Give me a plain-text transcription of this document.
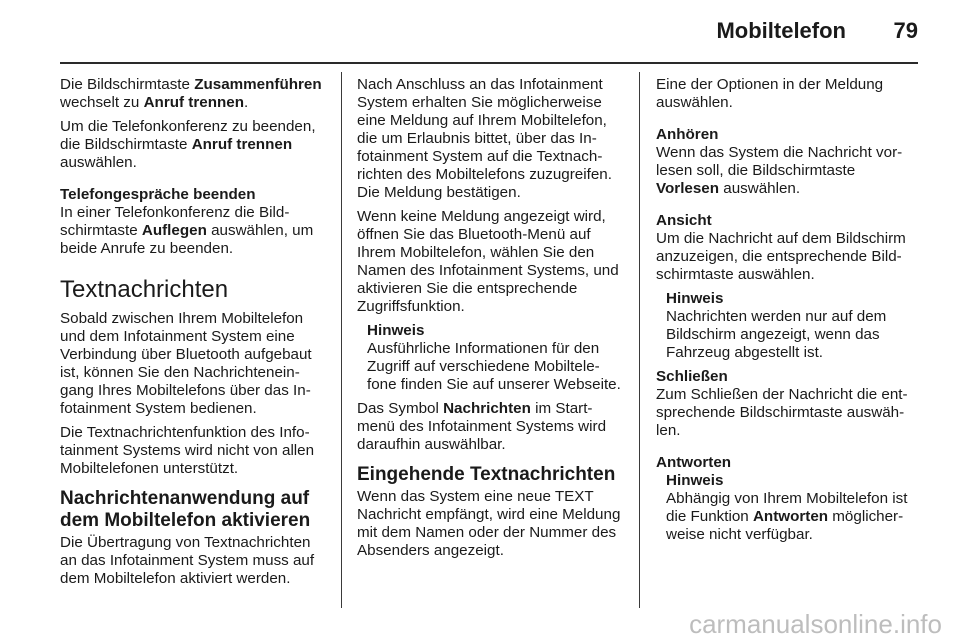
Mobiltelefon 79

Die Bildschirmtaste Zusammenführen wechselt zu Anruf trennen.

Um die Telefonkonferenz zu beenden, die Bildschirmtaste Anruf trennen auswählen.

Telefongespräche beenden

In einer Telefonkonferenz die Bildschirmtaste Auflegen auswählen, um beide Anrufe zu beenden.

Textnachrichten

Sobald zwischen Ihrem Mobiltelefon und dem Infotainment System eine Verbindung über Bluetooth aufgebaut ist, können Sie den Nachrichteneingang Ihres Mobiltelefons über das Infotainment System bedienen.

Die Textnachrichtenfunktion des Infotainment Systems wird nicht von allen Mobiltelefonen unterstützt.

Nachrichtenanwendung auf dem Mobiltelefon aktivieren

Die Übertragung von Textnachrichten an das Infotainment System muss auf dem Mobiltelefon aktiviert werden.

Nach Anschluss an das Infotainment System erhalten Sie möglicherweise eine Meldung auf Ihrem Mobiltelefon, die um Erlaubnis bittet, über das Infotainment System auf die Textnachrichten des Mobiltelefons zuzugreifen. Die Meldung bestätigen.

Wenn keine Meldung angezeigt wird, öffnen Sie das Bluetooth-Menü auf Ihrem Mobiltelefon, wählen Sie den Namen des Infotainment Systems, und aktivieren Sie die entsprechende Zugriffsfunktion.

Hinweis
Ausführliche Informationen für den Zugriff auf verschiedene Mobiltelefone finden Sie auf unserer Webseite.

Das Symbol Nachrichten im Startmenü des Infotainment Systems wird daraufhin auswählbar.

Eingehende Textnachrichten

Wenn das System eine neue TEXT Nachricht empfängt, wird eine Meldung mit dem Namen oder der Nummer des Absenders angezeigt.

Eine der Optionen in der Meldung auswählen.

Anhören

Wenn das System die Nachricht vorlesen soll, die Bildschirmtaste Vorlesen auswählen.

Ansicht

Um die Nachricht auf dem Bildschirm anzuzeigen, die entsprechende Bildschirmtaste auswählen.

Hinweis
Nachrichten werden nur auf dem Bildschirm angezeigt, wenn das Fahrzeug abgestellt ist.
Schließen

Zum Schließen der Nachricht die entsprechende Bildschirmtaste auswählen.

Antworten
Hinweis
Abhängig von Ihrem Mobiltelefon ist die Funktion Antworten möglicherweise nicht verfügbar.
carmanualsonline.info
